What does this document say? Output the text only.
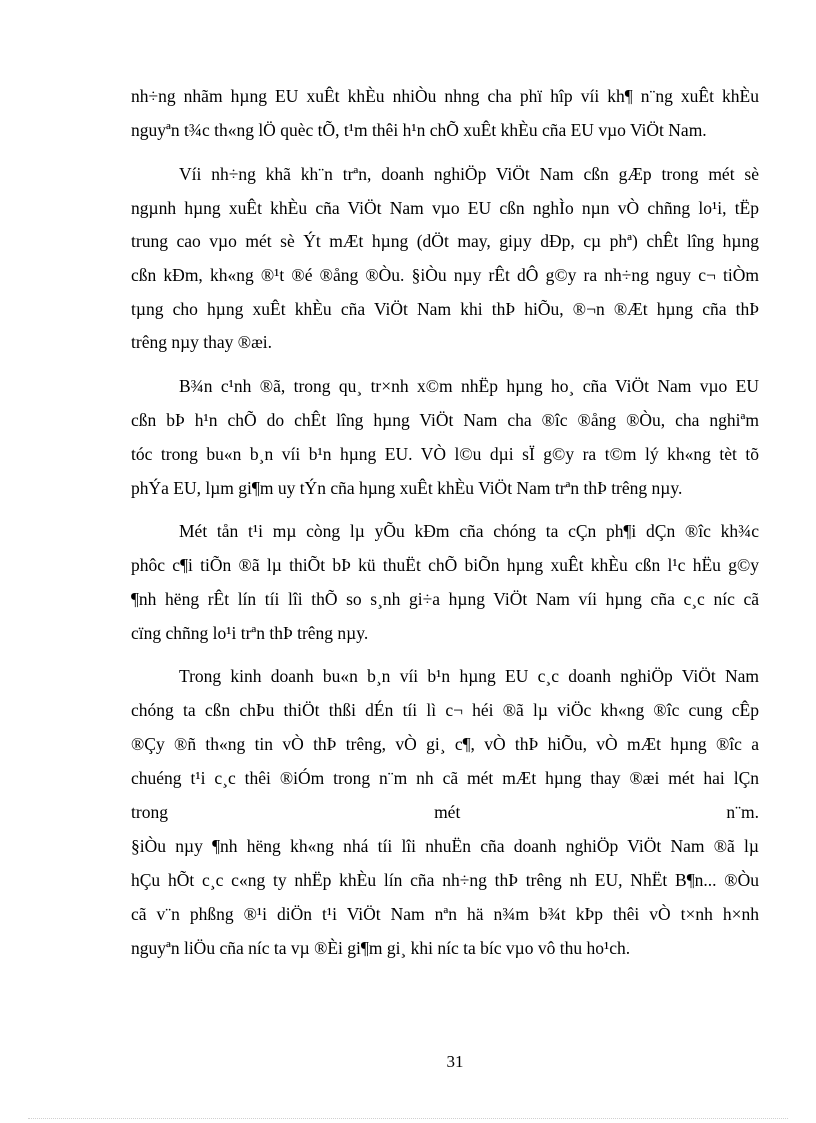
nh÷ng nhãm hµng EU xuÊt khÈu nhiÒu nhng cha phï hîp víi kh¶ n¨ng xuÊt khÈu
nguyªn t¾c th«ng lÖ quèc tÕ, t¹m thêi h¹n chÕ xuÊt khÈu cña EU vµo ViÖt Nam.
Víi nh÷ng khã kh¨n trªn, doanh nghiÖp ViÖt Nam cßn gÆp trong mét sè
ngµnh hµng xuÊt khÈu cña ViÖt Nam vµo EU cßn nghÌo nµn vÒ chñng lo¹i, tËp
trung cao vµo mét sè Ýt mÆt hµng (dÖt may, giµy dÐp, cµ phª) chÊt lîng hµng
cßn kÐm, kh«ng ®¹t ®é ®ång ®Òu. §iÒu nµy rÊt dÔ g©y ra nh÷ng nguy c¬ tiÒm
tµng cho hµng xuÊt khÈu cña ViÖt Nam khi thÞ hiÕu, ®¬n ®Æt hµng cña thÞ
trêng nµy thay ®æi.
B¾n c¹nh ®ã, trong qu¸ tr×nh x©m nhËp hµng ho¸ cña ViÖt Nam vµo EU
cßn bÞ h¹n chÕ do chÊt lîng hµng ViÖt Nam cha ®îc ®ång ®Òu, cha nghiªm
tóc trong bu«n b¸n víi b¹n hµng EU. VÒ l©u dµi sÏ g©y ra t©m lý kh«ng tèt tõ
phÝa EU, lµm gi¶m uy tÝn cña hµng xuÊt khÈu ViÖt Nam trªn thÞ trêng nµy.
Mét tån t¹i mµ còng lµ yÕu kÐm cña chóng ta cÇn ph¶i dÇn ®îc kh¾c
phôc c¶i tiÕn ®ã lµ thiÕt bÞ kü thuËt chÕ biÕn hµng xuÊt khÈu cßn l¹c hËu g©y
¶nh hëng rÊt lín tíi lîi thÕ so s¸nh gi÷a hµng ViÖt Nam víi hµng cña c¸c níc cã
cïng chñng lo¹i trªn thÞ trêng nµy.
Trong kinh doanh bu«n b¸n víi b¹n hµng EU c¸c doanh nghiÖp ViÖt Nam
chóng ta cßn chÞu thiÖt thßi dÉn tíi lì c¬ héi ®ã lµ viÖc kh«ng ®îc cung cÊp
®Çy ®ñ th«ng tin vÒ thÞ trêng, vÒ gi¸ c¶, vÒ thÞ hiÕu, vÒ mÆt hµng ®îc a
chuéng t¹i c¸c thêi ®iÓm trong n¨m nh cã mét mÆt hµng thay ®æi mét hai lÇn
trong mét n¨m.
§iÒu nµy ¶nh hëng kh«ng nhá tíi lîi nhuËn cña doanh nghiÖp ViÖt Nam ®ã lµ
hÇu hÕt c¸c c«ng ty nhËp khÈu lín cña nh÷ng thÞ trêng nh EU, NhËt B¶n... ®Òu
cã v¨n phßng ®¹i diÖn t¹i ViÖt Nam nªn hä n¾m b¾t kÞp thêi vÒ t×nh h×nh
nguyªn liÖu cña níc ta vµ ®Èi gi¶m gi¸ khi níc ta bíc vµo vô thu ho¹ch.
31
